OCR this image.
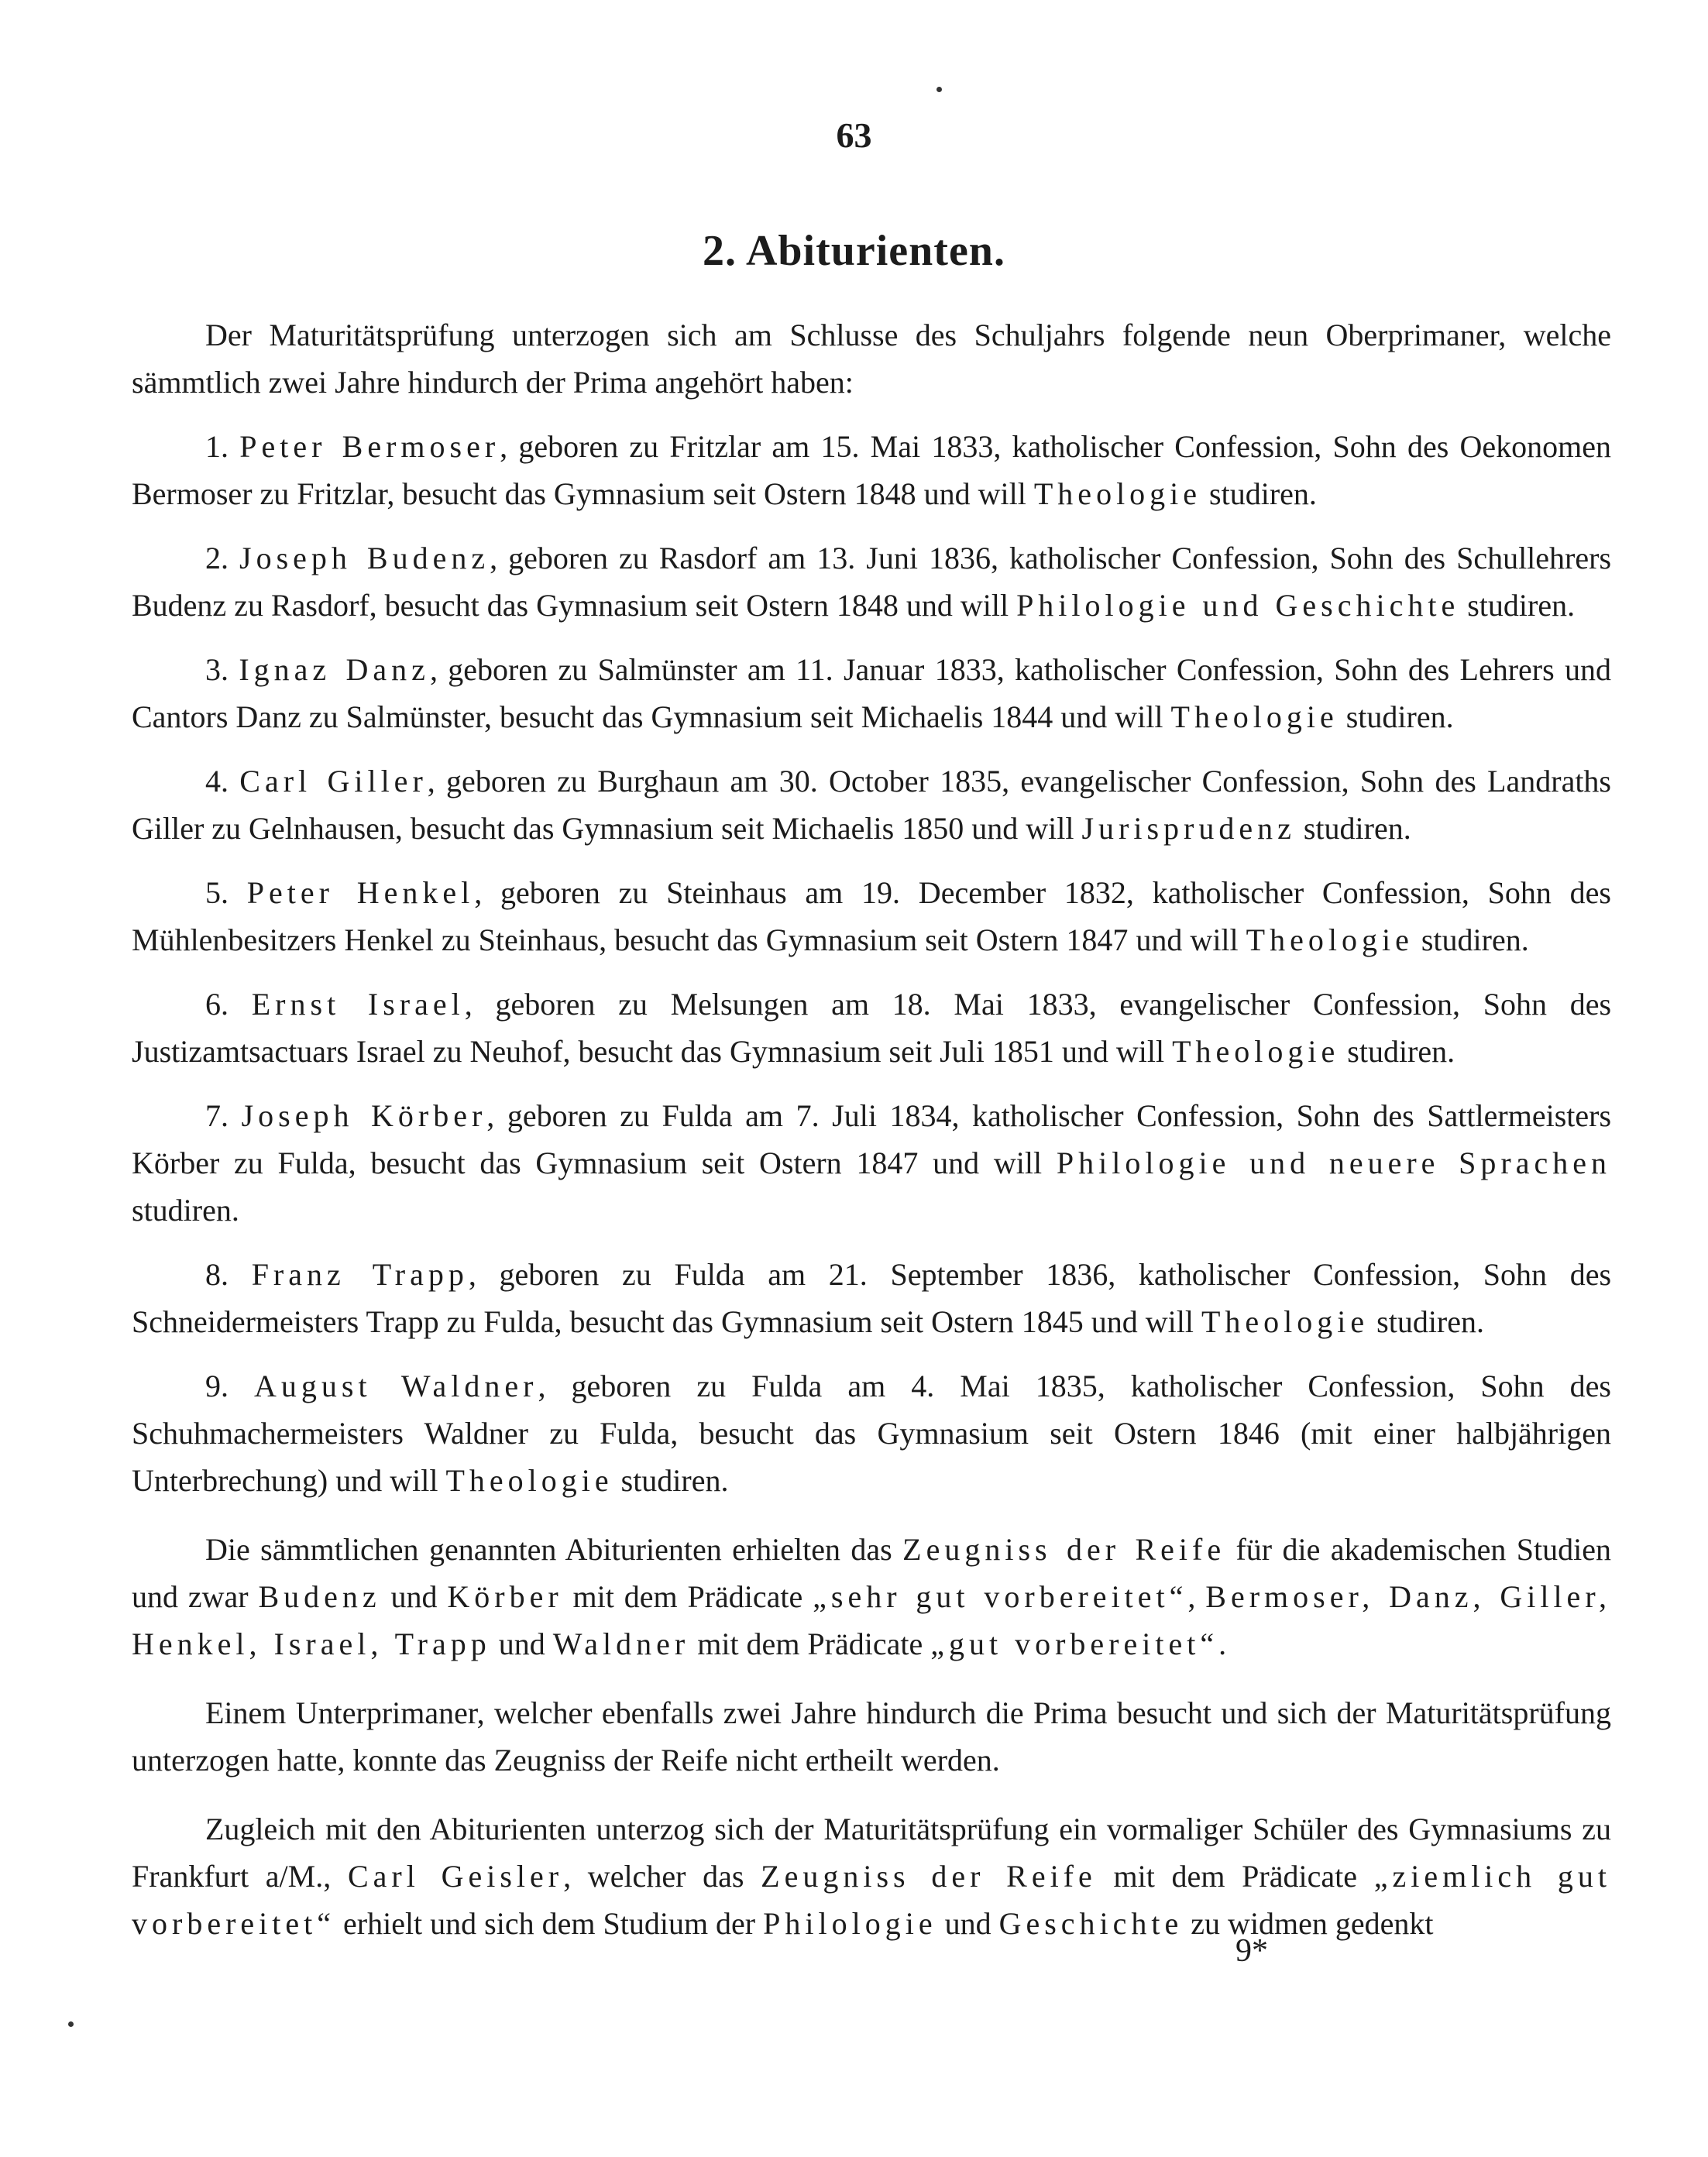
63
2. Abiturienten.

Der Maturitätsprüfung unterzogen sich am Schlusse des Schuljahrs folgende neun Oberprimaner, welche sämmtlich zwei Jahre hindurch der Prima angehört haben:

1. Peter Bermoser, geboren zu Fritzlar am 15. Mai 1833, katholischer Confession, Sohn des Oekonomen Bermoser zu Fritzlar, besucht das Gymnasium seit Ostern 1848 und will Theologie studiren.

2. Joseph Budenz, geboren zu Rasdorf am 13. Juni 1836, katholischer Confession, Sohn des Schullehrers Budenz zu Rasdorf, besucht das Gymnasium seit Ostern 1848 und will Philologie und Geschichte studiren.

3. Ignaz Danz, geboren zu Salmünster am 11. Januar 1833, katholischer Confession, Sohn des Lehrers und Cantors Danz zu Salmünster, besucht das Gymnasium seit Michaelis 1844 und will Theologie studiren.

4. Carl Giller, geboren zu Burghaun am 30. October 1835, evangelischer Confession, Sohn des Landraths Giller zu Gelnhausen, besucht das Gymnasium seit Michaelis 1850 und will Jurisprudenz studiren.

5. Peter Henkel, geboren zu Steinhaus am 19. December 1832, katholischer Confession, Sohn des Mühlenbesitzers Henkel zu Steinhaus, besucht das Gymnasium seit Ostern 1847 und will Theologie studiren.

6. Ernst Israel, geboren zu Melsungen am 18. Mai 1833, evangelischer Confession, Sohn des Justizamtsactuars Israel zu Neuhof, besucht das Gymnasium seit Juli 1851 und will Theologie studiren.

7. Joseph Körber, geboren zu Fulda am 7. Juli 1834, katholischer Confession, Sohn des Sattlermeisters Körber zu Fulda, besucht das Gymnasium seit Ostern 1847 und will Philologie und neuere Sprachen studiren.

8. Franz Trapp, geboren zu Fulda am 21. September 1836, katholischer Confession, Sohn des Schneidermeisters Trapp zu Fulda, besucht das Gymnasium seit Ostern 1845 und will Theologie studiren.

9. August Waldner, geboren zu Fulda am 4. Mai 1835, katholischer Confession, Sohn des Schuhmachermeisters Waldner zu Fulda, besucht das Gymnasium seit Ostern 1846 (mit einer halbjährigen Unterbrechung) und will Theologie studiren.

Die sämmtlichen genannten Abiturienten erhielten das Zeugniss der Reife für die akademischen Studien und zwar Budenz und Körber mit dem Prädicate „sehr gut vorbereitet“, Bermoser, Danz, Giller, Henkel, Israel, Trapp und Waldner mit dem Prädicate „gut vorbereitet“.

Einem Unterprimaner, welcher ebenfalls zwei Jahre hindurch die Prima besucht und sich der Maturitätsprüfung unterzogen hatte, konnte das Zeugniss der Reife nicht ertheilt werden.

Zugleich mit den Abiturienten unterzog sich der Maturitätsprüfung ein vormaliger Schüler des Gymnasiums zu Frankfurt a/M., Carl Geisler, welcher das Zeugniss der Reife mit dem Prädicate „ziemlich gut vorbereitet“ erhielt und sich dem Studium der Philologie und Geschichte zu widmen gedenkt

9*
